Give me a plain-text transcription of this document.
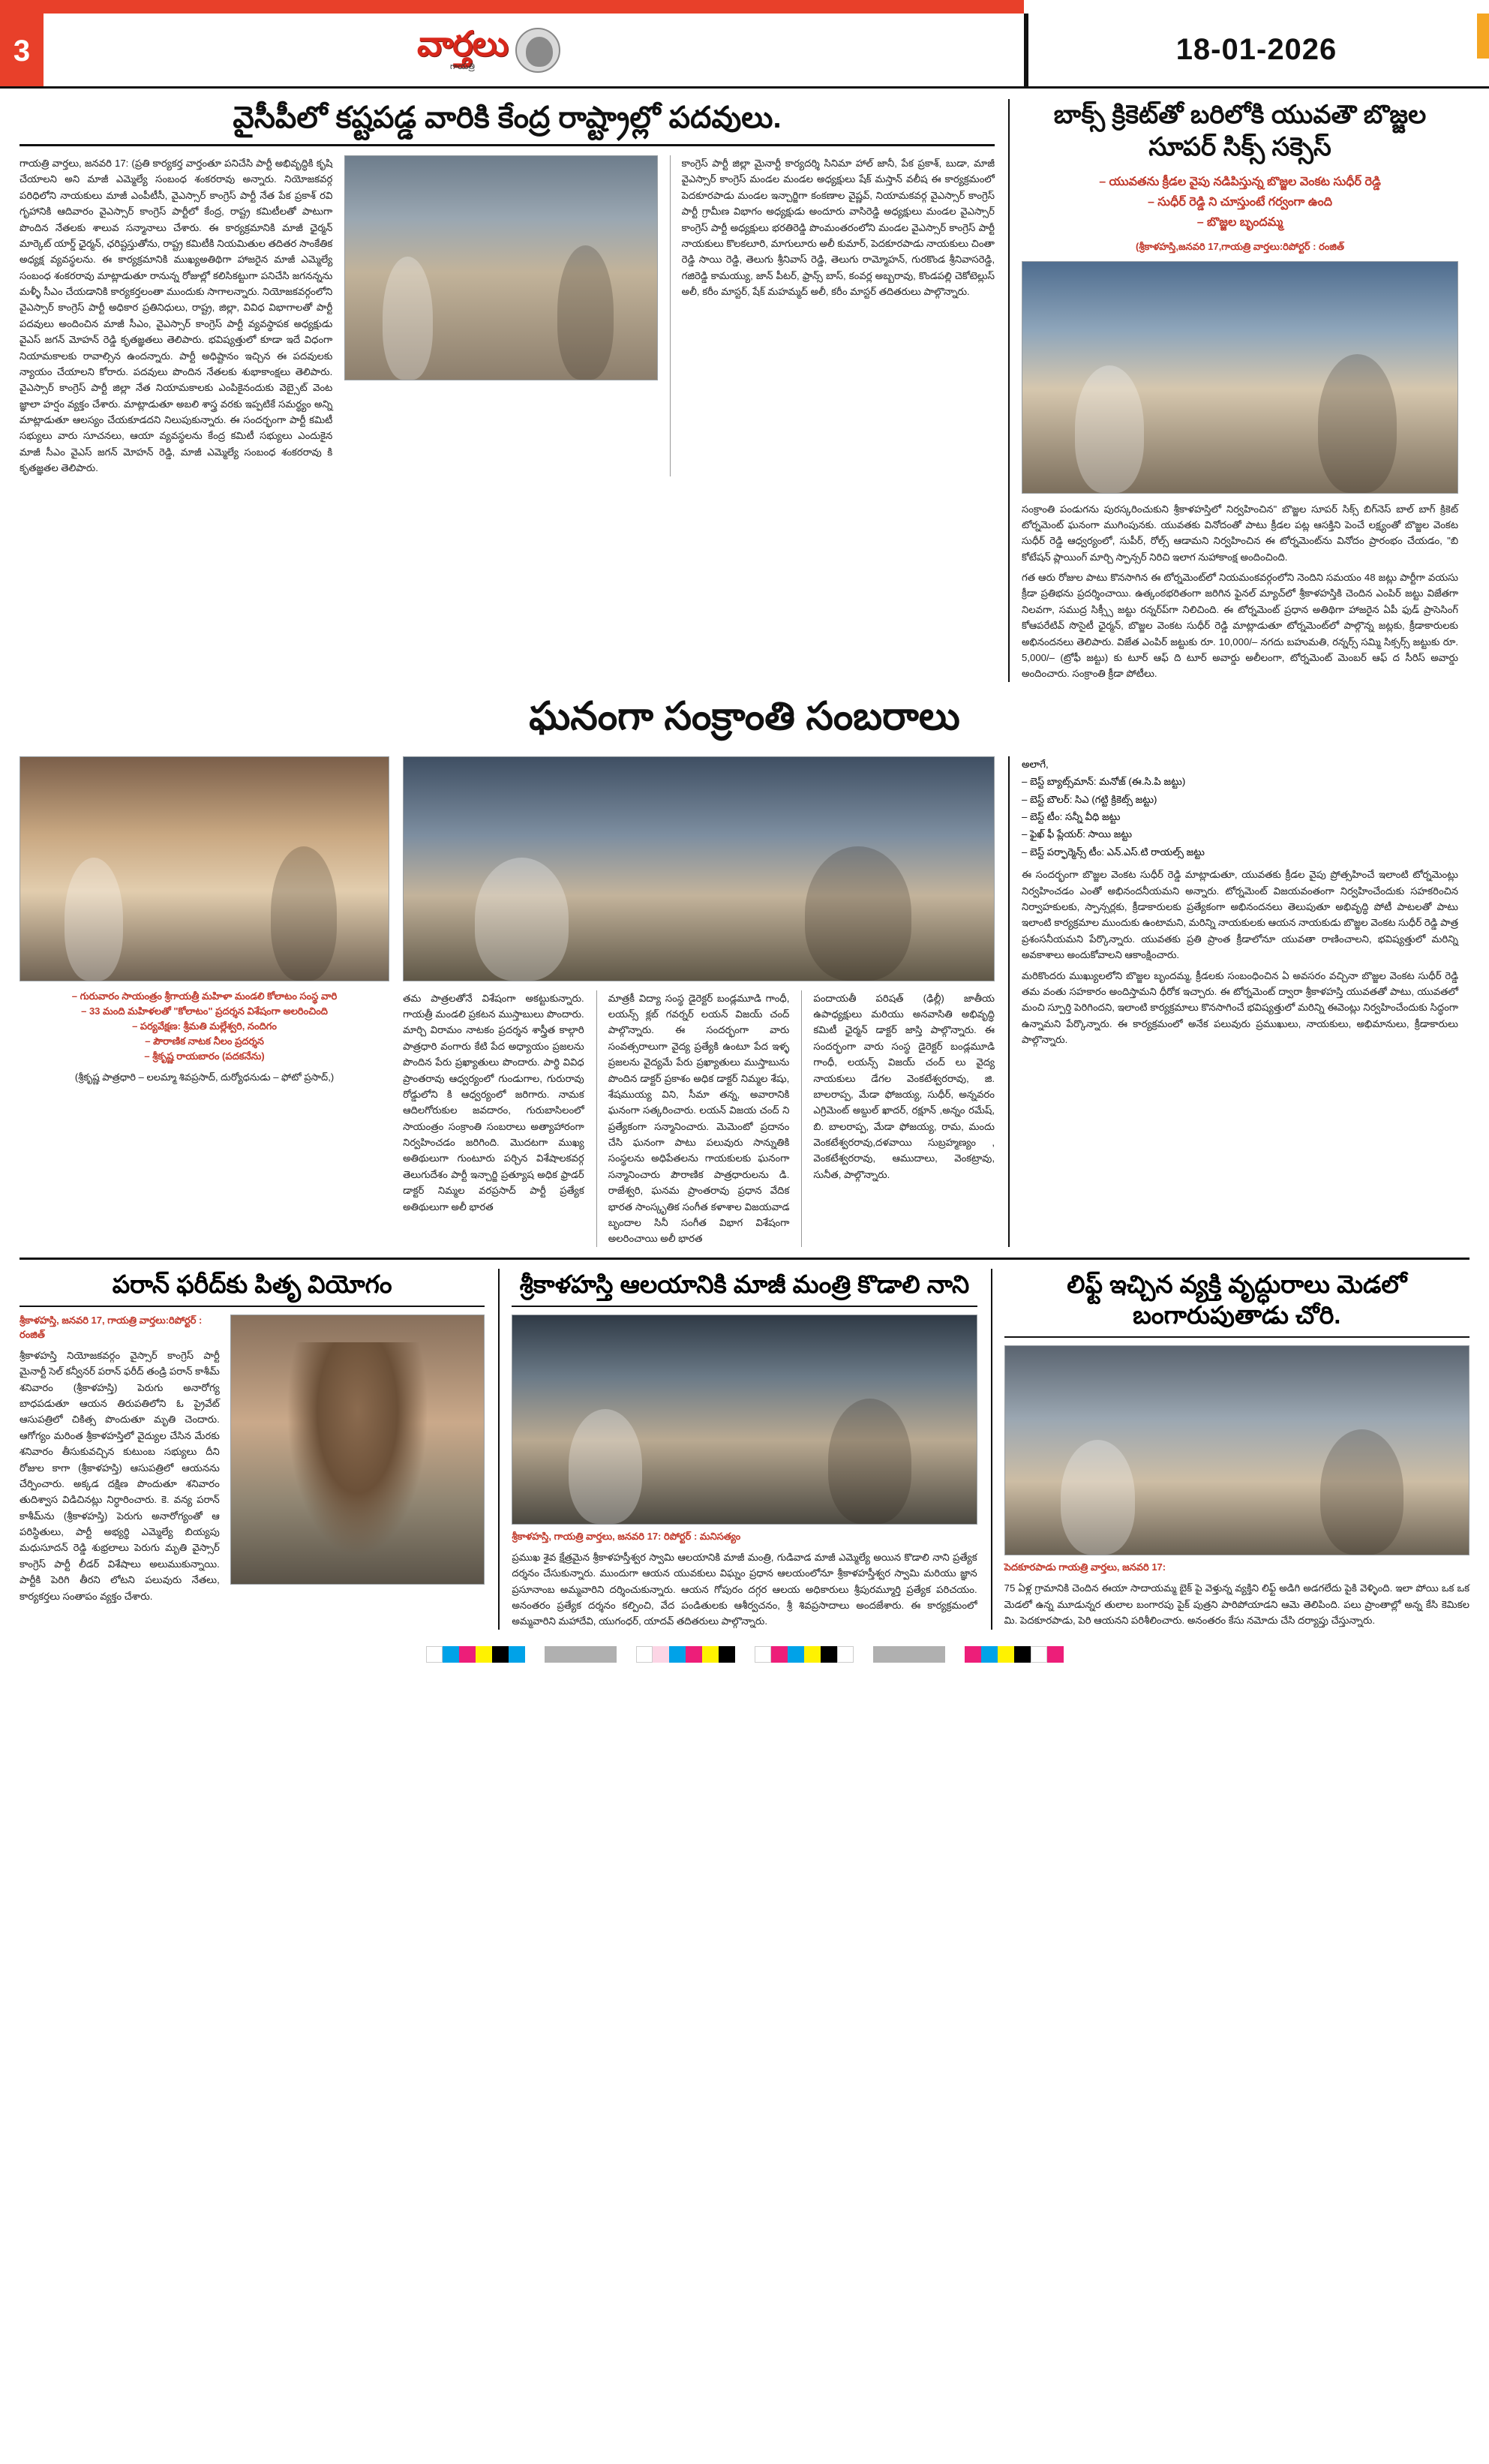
3	వార్తలు
గాయత్రి
18-01-2026
వైసీపీలో కష్టపడ్డ వారికి కేంద్ర రాష్ట్రాల్లో పదవులు.
గాయత్రి వార్తలు, జనవరి 17: (ప్రతి కార్యకర్త వార్తంతూ పనిచేసి పార్టీ అభివృద్ధికి కృషి చేయాలని అని మాజీ ఎమ్మెల్యే సంబంధ శంకరరావు అన్నారు. నియోజకవర్గ పరిధిలోని నాయకులు మాజీ ఎంపీటీసీ, వైఎస్సార్ కాంగ్రెస్ పార్టీ నేత పేక ప్రకాశ్ రవి గృహానికి ఆదివారం వైఎస్సార్ కాంగ్రెస్ పార్టీలో కేంద్ర, రాష్ట్ర కమిటీలతో పాటుగా పొందిన నేతలకు శాలువ సన్మానాలు చేశారు. ఈ కార్యక్రమానికి మాజీ ఛైర్మన్ మార్కెట్ యార్డ్ ఛైర్మన్, ఛరిష్టస్తుతోను, రాష్ట్ర కమిటీకి నియమితుల తదితర సాంకేతిక అధ్యక్ష వ్యవస్థలను. ఈ కార్యక్రమానికి ముఖ్యఅతిథిగా హాజరైన మాజీ ఎమ్మెల్యే సంబంధ శంకరరావు మాట్లాడుతూ రానున్న రోజుల్లో కలిసికట్టుగా పనిచేసి జగనన్నను మళ్ళీ సీఎం చేయడానికి కార్యకర్తలంతా ముందుకు సాగాలన్నారు. నియోజకవర్గంలోని వైఎస్సార్ కాంగ్రెస్ పార్టీ అధికార ప్రతినిధులు, రాష్ట్ర, జిల్లా, వివిధ విభాగాలతో పార్టీ పదవులు అందించిన మాజీ సీఎం, వైఎస్సార్ కాంగ్రెస్ పార్టీ వ్యవస్థాపక అధ్యక్షుడు వైఎస్ జగన్ మోహన్ రెడ్డి కృతజ్ఞతలు తెలిపారు. భవిష్యత్తులో కూడా ఇదే విధంగా నియామకాలకు రావాల్సిన ఉందన్నారు. పార్టీ అధిష్టానం ఇచ్చిన ఈ పదవులకు న్యాయం చేయాలని కోరారు. పదవులు పొందిన నేతలకు శుభాకాంక్షలు తెలిపారు. వైఎస్సార్ కాంగ్రెస్ పార్టీ జిల్లా నేత నియామకాలకు ఎంపికైనందుకు వెబ్సైట్ వెంట జ్ఞాలా హర్షం వ్యక్తం చేశారు. మాట్లాడుతూ అబలి శాస్త్ర వరకు ఇప్పటికే సమర్థ్యం అన్ని మాట్లాడుతూ ఆలస్యం చేయకూడదని నిలుపుకున్నారు. ఈ సందర్భంగా పార్టీ కమిటీ సభ్యులు వారు సూచనలు, ఆయా వ్యవస్థలను కేంద్ర కమిటీ సభ్యులు ఎందుకైన మాజీ సీఎం వైఎస్ జగన్ మోహన్ రెడ్డి, మాజీ ఎమ్మెల్యే సంబంధ శంకరరావు కి కృతజ్ఞతల తెలిపారు.
కాంగ్రెస్ పార్టీ జిల్లా మైనార్టీ కార్యదర్శి సినిమా హాల్ జానీ, పేక ప్రకాశ్, బుడా, మాజీ వైఎస్సార్ కాంగ్రెస్ మండల మండల అధ్యక్షులు షేక్ మస్తాన్ వలీష ఈ కార్యక్రమంలో పెదకూరపాడు మండల ఇన్చార్జిగా కంకణాల వైష్ణవ్, నియామకవర్గ వైఎస్సార్ కాంగ్రెస్ పార్టీ గ్రామీణ విభాగం అధ్యక్షుడు అందూరు వాసిరెడ్డి అధ్యక్షులు మండల వైఎస్సార్ కాంగ్రెస్ పార్టీ అధ్యక్షులు భరతిరెడ్డి పొంమంతరంలోని మండల వైఎస్సార్ కాంగ్రెస్ పార్టీ నాయకులు కొలకలూరి, మాగులూరు అలీ కుమార్, పెదకూరపాడు నాయకులు చింతా రెడ్డి సాయి రెడ్డి, తెలుగు శ్రీనివాస్ రెడ్డి, తెలుగు రామ్మోహన్, గురకొండ శ్రీనివాసరెడ్డి, గజిరెడ్డి కామయ్యు, జాన్ పీటర్, ఫ్రాన్స్ బాస్, కంవర్ల అబ్బరావు, కొండపల్లి చెకోటెల్లుస్ అలీ, కరీం మాస్టర్, షేక్ మహమ్మద్ అలీ, కరీం మాస్టర్ తదితరులు పాల్గొన్నారు.
బాక్స్ క్రికెట్‌తో బరిలోకి యువతౌ బొజ్జల సూపర్ సిక్స్ సక్సెస్
– యువతను క్రీడల వైపు నడిపిస్తున్న బొజ్జల వెంకట సుధీర్ రెడ్డి
– సుధీర్ రెడ్డి ని చూస్తుంటే గర్వంగా ఉంది
– బొజ్జల బృందమ్మ
(శ్రీకాళహస్తి,జనవరి 17,గాయత్రి వార్తలు:రిపోర్టర్ : రంజిత్
సంక్రాంతి పండుగను పురస్కరించుకుని శ్రీకాళహస్తిలో నిర్వహించిన" బొజ్జల సూపర్ సిక్స్ బిగ్‌నెస్ బాల్ బాగ్ క్రికెట్ టోర్నమెంట్ ఘనంగా ముగింపునకు. యువతకు వినోదంతో పాటు క్రీడల పట్ల ఆసక్తిని పెంచే లక్ష్యంతో బొజ్జల వెంకట సుధీర్ రెడ్డి ఆధ్వర్యంలో, సుపీర్, రోల్స్ ఆడామని నిర్వహించిన ఈ టోర్నమెంట్‌ను వినోదం ప్రారంభం చేయడం, "బి కోటేషన్ ప్లాయింగ్ మార్చి స్పాన్సర్ నిరిచి ఇలాగ నుహాకాంక్ష అందించింది.
గత ఆరు రోజుల పాటు కొనసాగిన ఈ టోర్నమెంట్‌లో నియమంకవర్గంలోని నెందిని సమయం 48 జట్లు పార్టీగా వయసు క్రీడా ప్రతిభను ప్రదర్శించాయి. ఉత్కంఠభరితంగా జరిగిన ఫైనల్ మ్యాచ్‌లో శ్రీకాళహస్తికి చెందిన ఎంపిర్ జట్టు విజేతగా నిలవగా, సముద్ర సిక్స్సీ జట్టు రన్నర్‌‌ప్‌గా నిలిచింది. ఈ టోర్నమెంట్ ప్రధాన అతిథిగా హాజరైన ఏపీ ఫుడ్ ప్రాసెసింగ్ కోఆపరేటివ్ సొసైటీ ఛైర్మన్, బొజ్జల వెంకట సుధీర్ రెడ్డి మాట్లాడుతూ టోర్నమెంట్‌లో పాల్గొన్న జట్లకు, క్రీడాకారులకు అభినందనలు తెలిపారు. విజేత ఎంపిర్ జట్టుకు రూ. 10,000/– నగదు బహుమతి, రన్నర్స్ సమ్మి సిక్సర్స్ జట్టుకు రూ. 5,000/– (ట్రోఫీ జట్టు) కు టూర్ ఆఫ్ ది టూర్ అవార్డు అలీలంగా, టోర్నమెంట్ మెంబర్ ఆఫ్ ద సీరిస్ అవార్డు అందించారు. సంక్రాంతి క్రీడా పోటీలు.
ఘనంగా సంక్రాంతి సంబరాలు
– గురువారం సాయంత్రం శ్రీగాయత్రీ మహిళా మండలి కోలాటం సంస్థ వారి
– 33 మంది మహిళలతో "కోలాటం" ప్రదర్శన విశేషంగా అలరించింది
– పర్యవేక్షణ: శ్రీమతి మల్లేశ్వరి, నందిగం
– పౌరాణిక నాటక నీలం ప్రదర్శన
– శ్రీకృష్ణ రాయబారం (పదకనేను)
(శ్రీకృష్ణ పాత్రధారి – లలమ్మా శివప్రసాద్, దుర్యోధనుడు – ఫోటో ప్రసాద్,)
తమ పాత్రలతోనే విశేషంగా అకట్టుకున్నారు. గాయత్రీ మండలి ప్రకటన ముస్తాబులు పొందారు. మార్చి విరామం నాటకం ప్రదర్శన శాస్త్రీత కాల్గారి పాత్రధారి వంగారు కేటి పేద అధ్యాయం ప్రజలను పొందిన పేరు ప్రఖ్యాతులు పొందారు. పార్థి వివిధ ప్రాంతరావు ఆధ్వర్యంలో గుండుగాల, గురురావు రోడ్డులోని కి ఆధ్వర్యంలో జరిగారు. నామక ఆదిలగోరుకుల జవదారం, గురుబాసిలంలో సాయంత్రం సంక్రాంతి సంబరాలు అత్యాహారంగా నిర్వహించడం జరిగింది. మొదటగా ముఖ్య అతిథులుగా గుంటూరు పర్చిన విశేషాలకవర్గ తెలుగుదేశం పార్టీ ఇన్చార్జి ప్రత్యూష అధిక ఫ్రాడర్ డాక్టర్ నిమ్మల వరప్రసాద్ పార్టీ ప్రత్యేక అతిథులుగా అలీ భారత
మాత్రకీ విద్యా సంస్థ డైరెక్టర్ బండ్లమూడి గాంధీ, లయన్స్ క్లబ్ గవర్నర్ లయన్ విజయ్ చంద్ పాల్గొన్నారు. ఈ సందర్భంగా వారు సంవత్సరాలుగా వైద్య ప్రత్యేకి ఉంటూ పేద ఇళ్ళ ప్రజలను వైద్యమే పేరు ప్రఖ్యాతులు ముస్తాబును పొందిన డాక్టర్ ప్రకాశం అధిక డాక్టర్ నిమ్మల శేషు, శేషముయ్య విని, సీమా తన్న, అవారానికి ఘనంగా సత్కరించారు. లయన్ విజయ చంద్ ని ప్రత్యేకంగా సన్మానించారు. మెమెంటో ప్రదానం చేసి ఘనంగా పాటు పలువురు సాన్నుతికి సంస్థలను అధిపేతలను గాయకులకు ఘనంగా సన్మానించారు పౌరాణిక పాత్రధారులను డి. రాజేశ్వరి, ఘనమ ప్రాంతరావు ప్రధాన వేదిక భారత సాంస్కృతిక సంగీత కళాశాల విజయవాడ బృందాల సినీ సంగీత విభాగ విశేషంగా అలరించాయి అలీ భారత
పందాయతీ పరిషత్ (ఢిల్లీ) జాతీయ ఉపాధ్యక్షులు మరియు అనవాసితి అభివృద్ధి కమిటీ ఛైర్మన్ డాక్టర్ జాస్తి పాల్గొన్నారు. ఈ సందర్భంగా వారు సంస్థ డైరెక్టర్ బండ్లమూడి గాంధీ, లయన్స్ విజయ్ చంద్ లు వైద్య నాయకులు డేగల వెంకటేశ్వరరావు, జి. బాలరాప్ప, మేడా ఫోజయ్య, సుధీర్, అన్నవరం ఎగ్రిమెంట్‌ అబ్దుల్ ఖాదర్, రక్షూన్ ,అన్నం రమేష్, బి. బాలరాప్ప, మేడా ఫోజయ్య, రామ, మందు వెంకటేశ్వరరావు,దళవాయి సుబ్రహ్మణ్యం , వెంకటేశ్వరరావు, ఆముదాలు, వెంకట్రావు, సునీత, పాల్గొన్నారు.
అలాగే,
– బెస్ట్ బ్యాట్స్‌మాన్: మనోజ్ (ఈ.సి.పి జట్టు)
– బెస్ట్ బౌలర్: సిఎ (గట్టి క్రికెట్స్ జట్టు)
– బెస్ట్ టీం: సన్నీ వీధి జట్టు
– ఫైఖ్ ఫీ ప్లేయర్: సాయి జట్టు
– బెస్ట్ పర్ఫార్మెన్స్ టీం: ఎన్.ఎస్.టి రాయల్స్ జట్టు
ఈ సందర్భంగా బొజ్జల వెంకట సుధీర్ రెడ్డి మాట్లాడుతూ, యువతకు క్రీడల వైపు ప్రోత్సహించే ఇలాంటి టోర్నమెంట్లు నిర్వహించడం ఎంతో అభినందనీయమని అన్నారు. టోర్నమెంట్ విజయవంతంగా నిర్వహించేందుకు సహకరించిన నిర్వాహకులకు, స్పాన్సర్లకు, క్రీడాకారులకు ప్రత్యేకంగా అభినందనలు తెలుపుతూ అభివృద్ధి పోటీ పాటలతో పాటు ఇలాంటి కార్యక్రమాల ముందుకు ఉంటామని, మరిన్ని నాయకులకు ఆయన నాయకుడు బొజ్జల వెంకట సుధీర్ రెడ్డి పాత్ర ప్రశంసనీయమని పేర్కొన్నారు. యువతకు ప్రతి ప్రాంత క్రీడాలోనూ యువతా రాణించాలని, భవిష్యత్తులో మరిన్ని అవకాశాలు అందుకోవాలని ఆకాంక్షించారు.
మరికొందరు ముఖ్యులలోని బొజ్జల బృందమ్మ, క్రీడలకు సంబంధించిన ఏ అవసరం వచ్చినా బొజ్జల వెంకట సుధీర్ రెడ్డి తమ వంతు సహకారం అందిస్తామని ధీరోక ఇచ్చారు. ఈ టోర్నమెంట్ ద్వారా శ్రీకాళహస్తి యువతతో పాటు, యువతలో మంచి స్పూర్తి పెరిగిందని, ఇలాంటి కార్యక్రమాలు కొనసాగించే భవిష్యత్తులో మరిన్ని ఈవెంట్లు నిర్వహించేందుకు సిద్ధంగా ఉన్నామని పేర్కొన్నారు. ఈ కార్యక్రమంలో అనేక పలువురు ప్రముఖులు, నాయకులు, అభిమానులు, క్రీడాకారులు పాల్గొన్నారు.
పరాన్ ఫరీద్‌కు పితృ వియోగం
శ్రీకాళహస్తి, జనవరి 17, గాయత్రి వార్తలు:రిపోర్టర్ : రంజిత్
శ్రీకాళహస్తి నియోజకవర్గం వైస్సార్ కాంగ్రెస్ పార్టీ మైనార్టీ సెల్ కన్వీనర్ పరాన్ ఫరీద్ తండ్రి పరాన్ కాశీమ్ శనివారం (శ్రీకాళహస్తి) పెరుగు అనారోగ్య బాధపడుతూ ఆయన తిరుపతిలోని ఓ ప్రైవేట్ ఆసుపత్రిలో చికిత్స పొందుతూ మృతి చెందారు. ఆగోగ్యం మరింత శ్రీకాళహస్తిలో వైద్యుల చేసిన మేరకు శనివారం తీసుకువచ్చిన కుటుంబ సభ్యులు దీని రోజుల కాగా (శ్రీకాళహస్తి) ఆసుపత్రిలో ఆయనను చేర్పించారు. అక్కడ దక్షిణ పొందుతూ శనివారం తుదిశ్వాస విడిచినట్లు నిర్ధారించారు. కె. వన్య పరాన్ కాశీమ్‌ను (శ్రీకాళహస్తి) పెరుగు అనారోగ్యంతో ఆ పరిస్థితులు, పార్టీ అభ్యర్థి ఎమ్మెల్యే బియ్యపు మధుసూదన్ రెడ్డి శుభ్రలాలు పెరుగు మృతి వైస్సార్ కాంగ్రెస్ పార్టీ లీడర్ విశేషాలు అలుముకున్నాయి. పార్టీకి పెరిగి తీరని లోటని పలువురు నేతలు, కార్యకర్తలు సంతాపం వ్యక్తం చేశారు.
శ్రీకాళహస్తి ఆలయానికి మాజీ మంత్రి కొడాలి నాని
శ్రీకాళహస్తి, గాయత్రి వార్తలు, జనవరి 17: రిపోర్టర్ : మనిసత్యం
ప్రముఖ శైవ క్షేత్రమైన శ్రీకాళహస్తీశ్వర స్వామి ఆలయానికి మాజీ మంత్రి, గుడివాడ మాజీ ఎమ్మెల్యే అయిన కొడాలి నాని ప్రత్యేక దర్శనం చేసుకున్నారు. ముందుగా ఆయన యువకులు విఘ్నం ప్రధాన ఆలయంలోనూ శ్రీకాళహస్తీశ్వర స్వామి మరియు జ్ఞాన ప్రసూనాంబ అమ్మవారిని దర్శించుకున్నారు. ఆయన గోపురం దగ్గర ఆలయ అధికారులు శ్రీపురమ్మూర్తి ప్రత్యేక పరిచయం. అనంతరం ప్రత్యేక దర్శనం కల్పించి, వేద పండితులకు ఆశీర్వచనం, శ్రీ శివప్రసాదాలు అందజేశారు. ఈ కార్యక్రమంలో అమ్మవారిని మహాదేవి, యుగంధర్, యాదవ్ తదితరులు పాల్గొన్నారు.
లిఫ్ట్ ఇచ్చిన వ్యక్తి వృద్ధురాలు మెడలో బంగారుపుతాడు చోరి.
పెదకూరపాడు గాయత్రి వార్తలు, జనవరి 17:
75 ఏళ్ల గ్రామానికి చెందిన ఈయా సాదాయమ్మ బైక్ పై వెళ్తున్న వ్యక్తిని లిఫ్ట్ అడిగి అడగలేదు పైకి వెళ్ళింది. ఇలా పోయి ఒక ఒక మెడలో ఉన్న మూడున్నర తులాల బంగారపు పైక్ పుత్రని పారిపోయాడని ఆమె తెలిపింది. పలు ప్రాంతాల్లో అన్న కేసి కెమికల మి. పెదకూరపాడు, పెరి ఆయనని పరిశీలించారు. అనంతరం కేసు నమోదు చేసి దర్యాప్తు చేస్తున్నారు.
